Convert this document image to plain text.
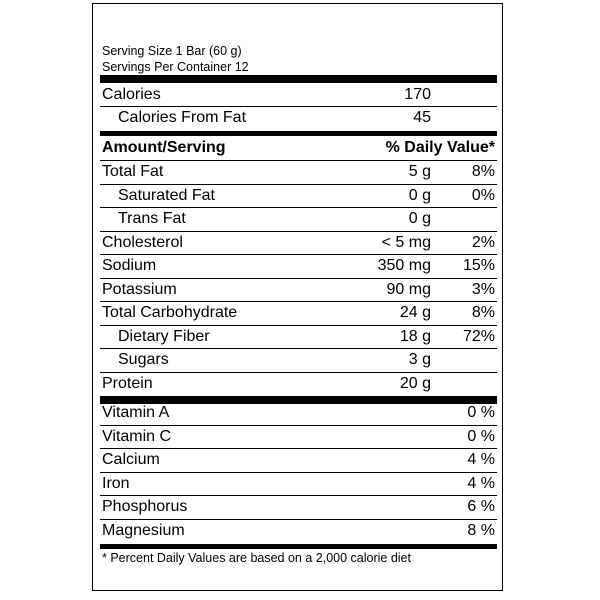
Serving Size 1 Bar (60 g)
Servings Per Container 12
Calories	170
Calories From Fat	45
Amount/Serving	% Daily Value*
Total Fat	5 g	8%
Saturated Fat	0 g	0%
Trans Fat	0 g
Cholesterol	< 5 mg	2%
Sodium	350 mg 15%
Potassium	90 mg	3%
Total Carbohydrate	24 g	8%
Dietary Fiber	18 g 72%
Sugars	3 g
Protein	20 g
Vitamin A	0 %
Vitamin C	0 %
Calcium	4 %
Iron	4 %
Phosphorus	6 %
Magnesium	8 %
* Percent Daily Values are based on a 2,000 calorie diet
